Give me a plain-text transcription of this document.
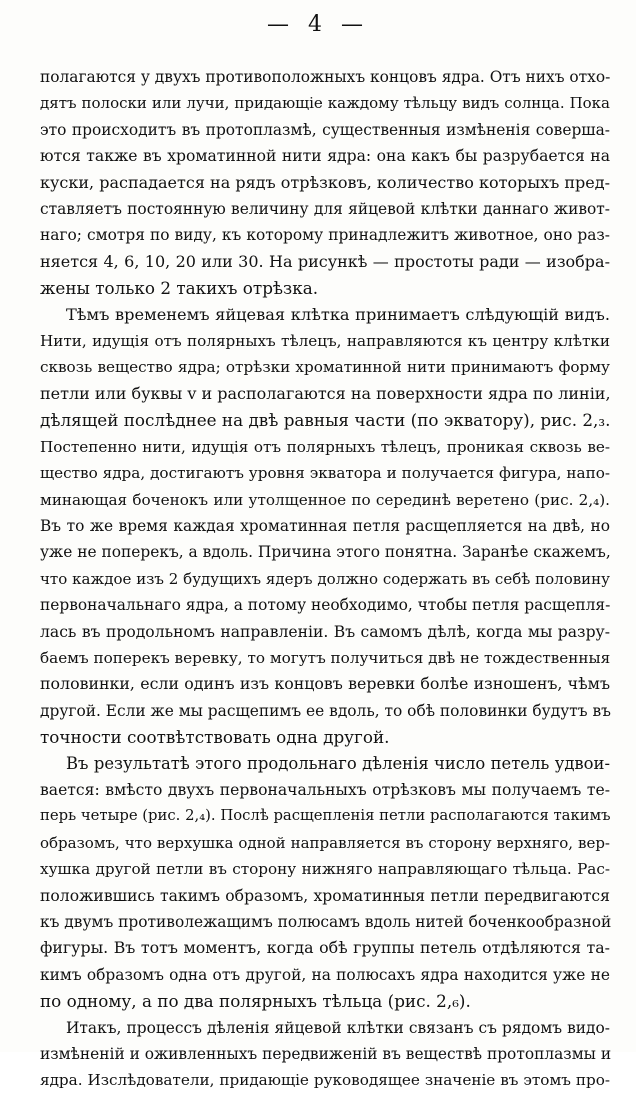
— 4 —
полагаются у двухъ противоположныхъ концовъ ядра. Отъ нихъ отхо-
дятъ полоски или лучи, придающіе каждому тѣльцу видъ солнца. Пока
это происходитъ въ протоплазмѣ, существенныя измѣненія соверша-
ются также въ хроматинной нити ядра: она какъ бы разрубается на
куски, распадается на рядъ отрѣзковъ, количество которыхъ пред-
ставляетъ постоянную величину для яйцевой клѣтки даннаго живот-
наго; смотря по виду, къ которому принадлежитъ животное, оно раз-
няется 4, 6, 10, 20 или 30. На рисункѣ — простоты ради — изобра-
жены только 2 такихъ отрѣзка.
Тѣмъ временемъ яйцевая клѣтка принимаетъ слѣдующій видъ.
Нити, идущія отъ полярныхъ тѣлецъ, направляются къ центру клѣтки
сквозь вещество ядра; отрѣзки хроматинной нити принимаютъ форму
петли или буквы v и располагаются на поверхности ядра по линіи,
дѣлящей послѣднее на двѣ равныя части (по экватору), рис. 2,₃.
Постепенно нити, идущія отъ полярныхъ тѣлецъ, проникая сквозь ве-
щество ядра, достигаютъ уровня экватора и получается фигура, напо-
минающая боченокъ или утолщенное по серединѣ веретено (рис. 2,₄).
Въ то же время каждая хроматинная петля расщепляется на двѣ, но
уже не поперекъ, а вдоль. Причина этого понятна. Заранѣе скажемъ,
что каждое изъ 2 будущихъ ядеръ должно содержать въ себѣ половину
первоначальнаго ядра, а потому необходимо, чтобы петля расщепля-
лась въ продольномъ направленіи. Въ самомъ дѣлѣ, когда мы разру-
баемъ поперекъ веревку, то могутъ получиться двѣ не тождественныя
половинки, если одинъ изъ концовъ веревки болѣе изношенъ, чѣмъ
другой. Если же мы расщепимъ ее вдоль, то обѣ половинки будутъ въ
точности соотвѣтствовать одна другой.
Въ результатѣ этого продольнаго дѣленія число петель удвои-
вается: вмѣсто двухъ первоначальныхъ отрѣзковъ мы получаемъ те-
перь четыре (рис. 2,₄). Послѣ расщепленія петли располагаются такимъ
образомъ, что верхушка одной направляется въ сторону верхняго, вер-
хушка другой петли въ сторону нижняго направляющаго тѣльца. Рас-
положившись такимъ образомъ, хроматинныя петли передвигаются
къ двумъ противолежащимъ полюсамъ вдоль нитей боченкообразной
фигуры. Въ тотъ моментъ, когда обѣ группы петель отдѣляются та-
кимъ образомъ одна отъ другой, на полюсахъ ядра находится уже не
по одному, а по два полярныхъ тѣльца (рис. 2,₆).
Итакъ, процессъ дѣленія яйцевой клѣтки связанъ съ рядомъ видо-
измѣненій и оживленныхъ передвиженій въ веществѣ протоплазмы и
ядра. Изслѣдователи, придающіе руководящее значеніе въ этомъ про-
